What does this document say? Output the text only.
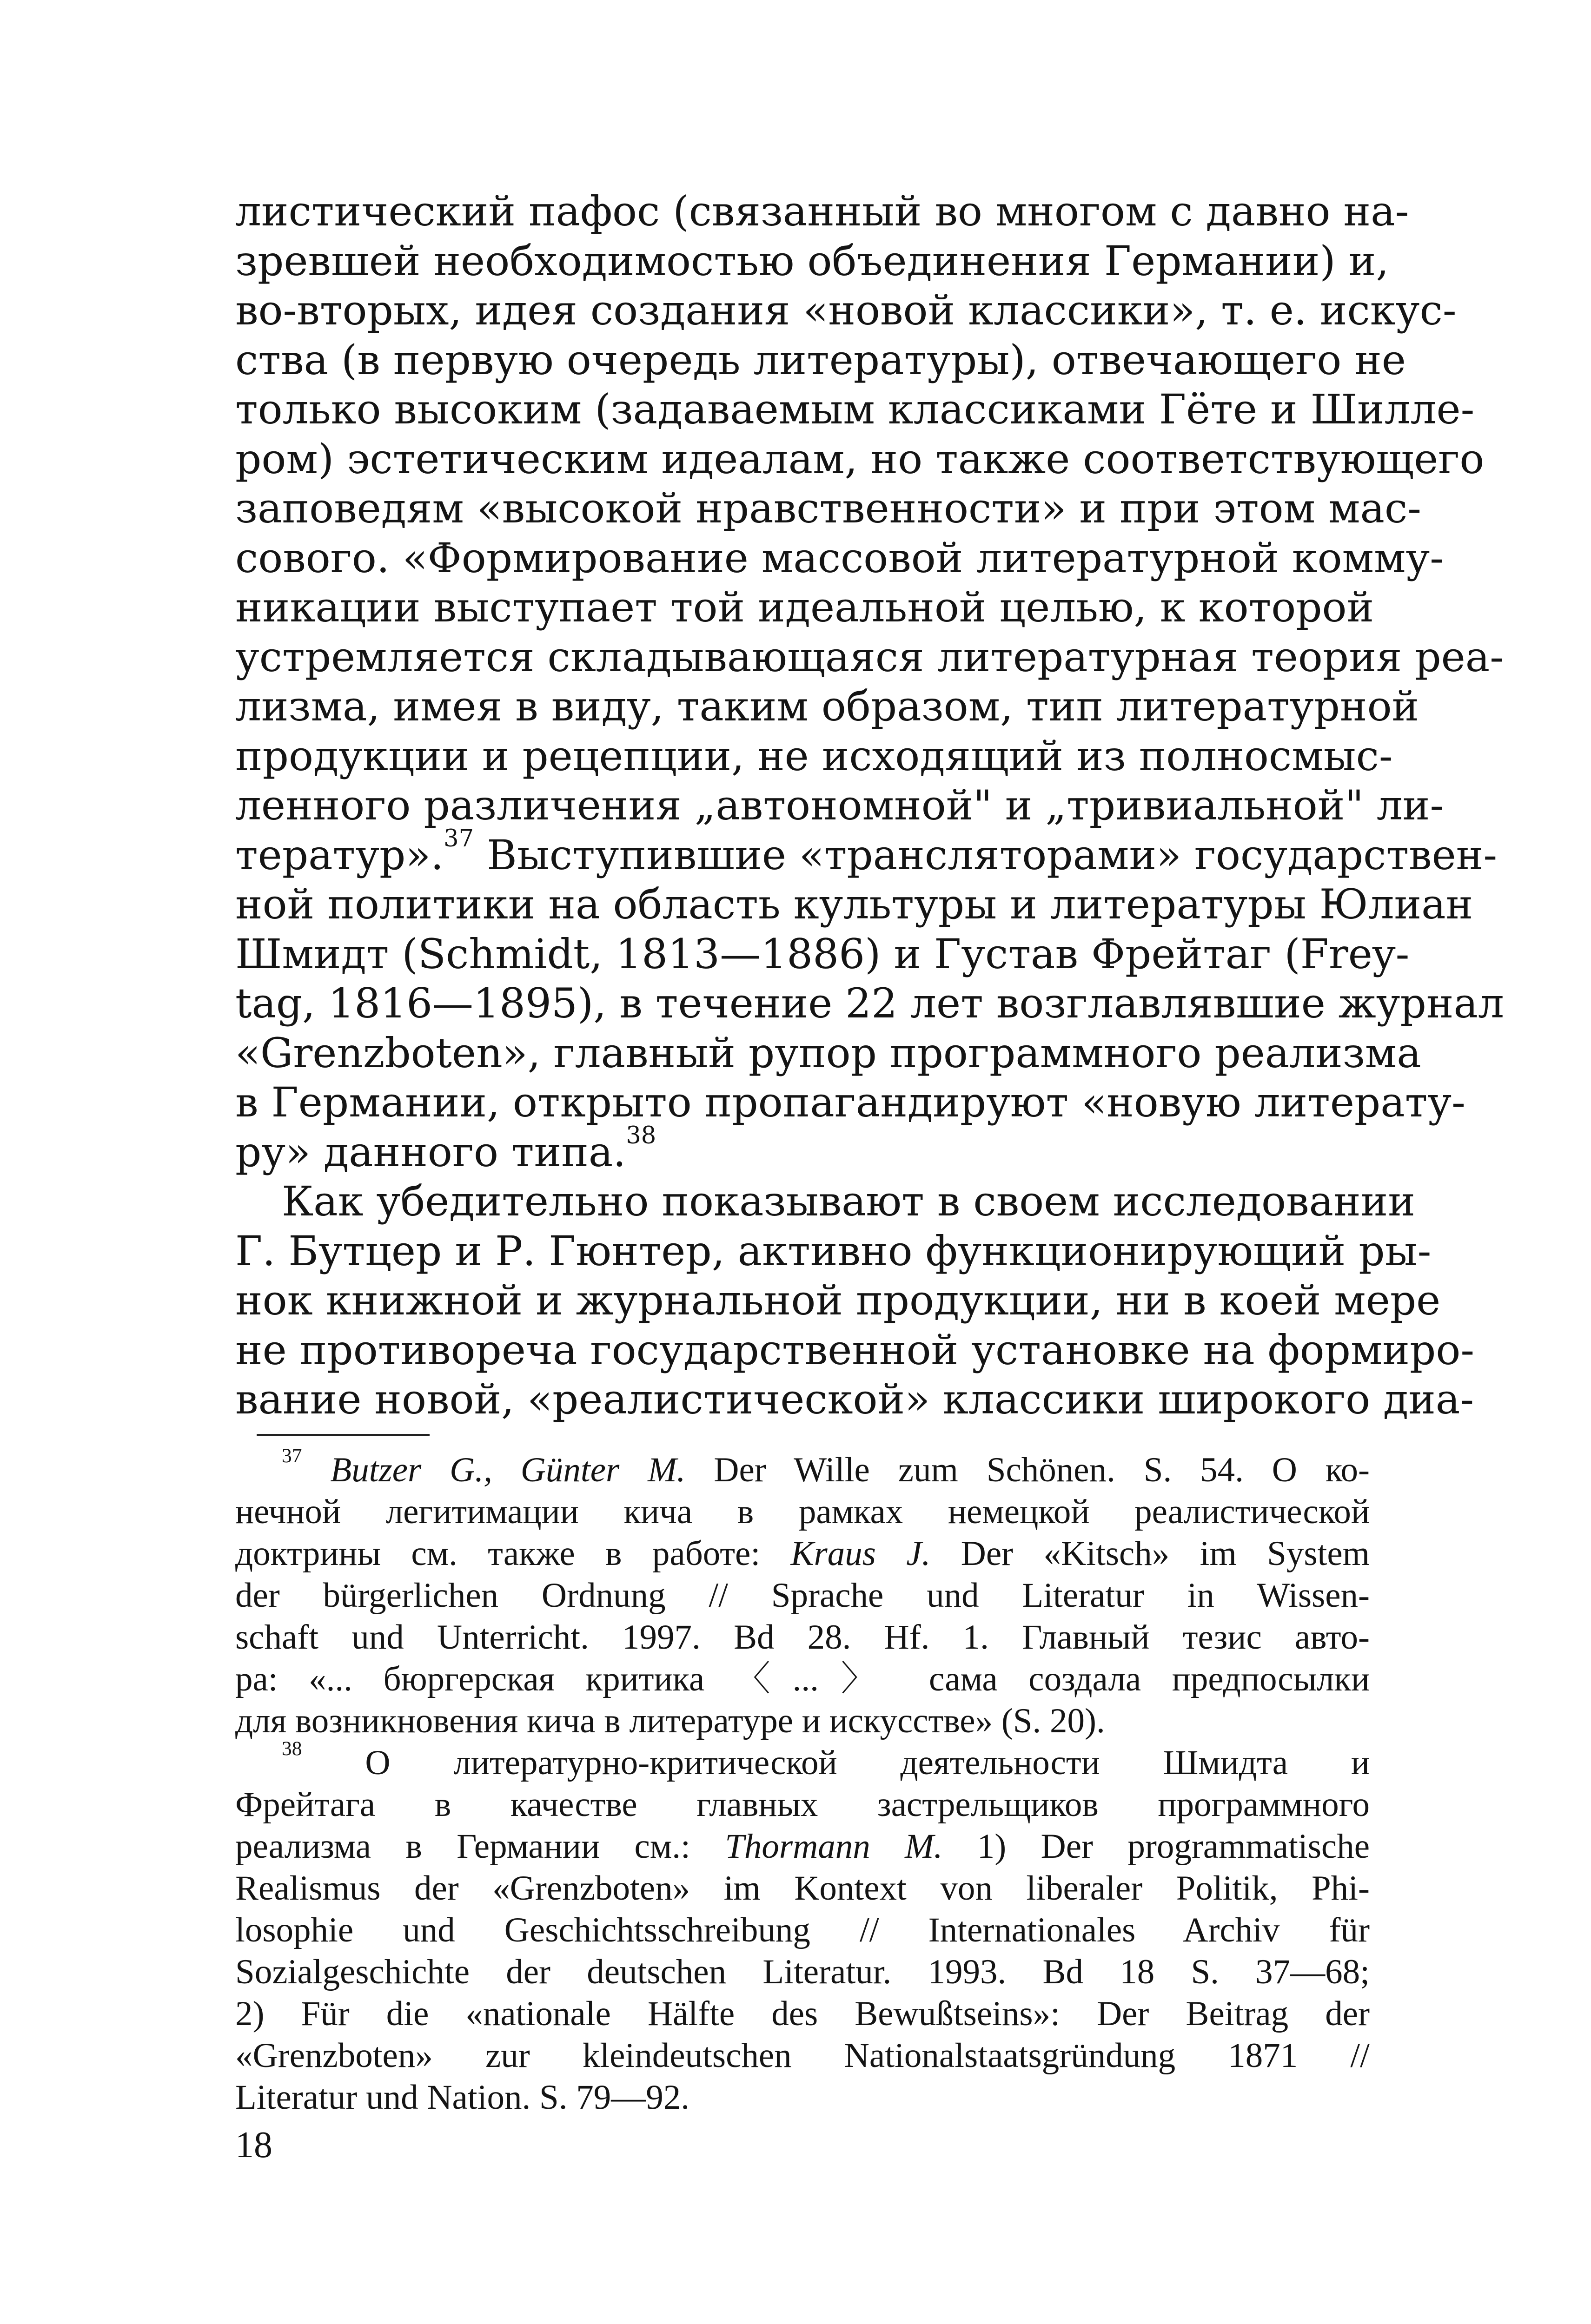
листический пафос (связанный во многом с давно на-
зревшей необходимостью объединения Германии) и,
во-вторых, идея создания «новой классики», т. е. искус-
ства (в первую очередь литературы), отвечающего не
только высоким (задаваемым классиками Гёте и Шилле-
ром) эстетическим идеалам, но также соответствующего
заповедям «высокой нравственности» и при этом мас-
сового. «Формирование массовой литературной комму-
никации выступает той идеальной целью, к которой
устремляется складывающаяся литературная теория реа-
лизма, имея в виду, таким образом, тип литературной
продукции и рецепции, не исходящий из полносмыс-
ленного различения „автономной" и „тривиальной" ли-
тератур».$^{37}$ Выступившие «трансляторами» государствен-
ной политики на область культуры и литературы Юлиан
Шмидт (Schmidt, 1813—1886) и Густав Фрейтаг (Frey-
tag, 1816—1895), в течение 22 лет возглавлявшие журнал
«Grenzboten», главный рупор программного реализма
в Германии, открыто пропагандируют «новую литерату-
ру» данного типа.$^{38}$
Как убедительно показывают в своем исследовании
Г. Бутцер и Р. Гюнтер, активно функционирующий ры-
нок книжной и журнальной продукции, ни в коей мере
не противореча государственной установке на формиро-
вание новой, «реалистической» классики широкого диа-
$^{37}$ Butzer G., Günter M. Der Wille zum Schönen. S. 54. О ко-
нечной легитимации кича в рамках немецкой реалистической
доктрины см. также в работе: Kraus J. Der «Kitsch» im System
der bürgerlichen Ordnung // Sprache und Literatur in Wissen-
schaft und Unterricht. 1997. Bd 28. Hf. 1. Главный тезис авто-
ра: «... бюргерская критика 〈...〉 сама создала предпосылки
для возникновения кича в литературе и искусстве» (S. 20).
$^{38}$ О литературно-критической деятельности Шмидта и
Фрейтага в качестве главных застрельщиков программного
реализма в Германии см.: Thormann M. 1) Der programmatische
Realismus der «Grenzboten» im Kontext von liberaler Politik, Phi-
losophie und Geschichtsschreibung // Internationales Archiv für
Sozialgeschichte der deutschen Literatur. 1993. Bd 18 S. 37—68;
2) Für die «nationale Hälfte des Bewußtseins»: Der Beitrag der
«Grenzboten» zur kleindeutschen Nationalstaatsgründung 1871 //
Literatur und Nation. S. 79—92.
18
